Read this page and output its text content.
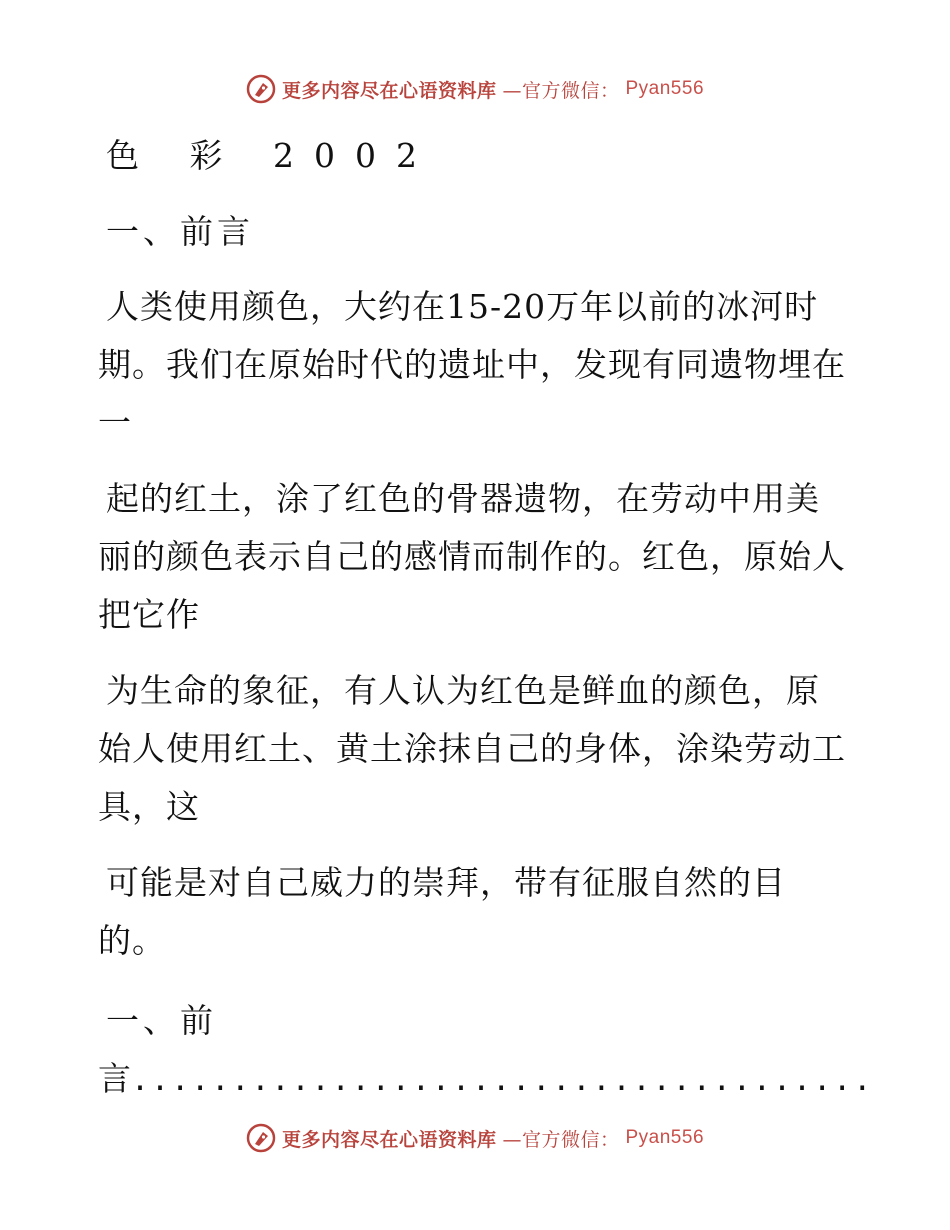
更多内容尽在心语资料库 —官方微信： Pyan556
色 彩 2002
一、前言
人类使用颜色，大约在15-20万年以前的冰河时
期。我们在原始时代的遗址中，发现有同遗物埋在
一
起的红土，涂了红色的骨器遗物，在劳动中用美
丽的颜色表示自己的感情而制作的。红色，原始人
把它作
为生命的象征，有人认为红色是鲜血的颜色，原
始人使用红土、黄土涂抹自己的身体，涂染劳动工
具，这
可能是对自己威力的崇拜，带有征服自然的目
的。
一、前
言.....................................
更多内容尽在心语资料库 —官方微信： Pyan556
